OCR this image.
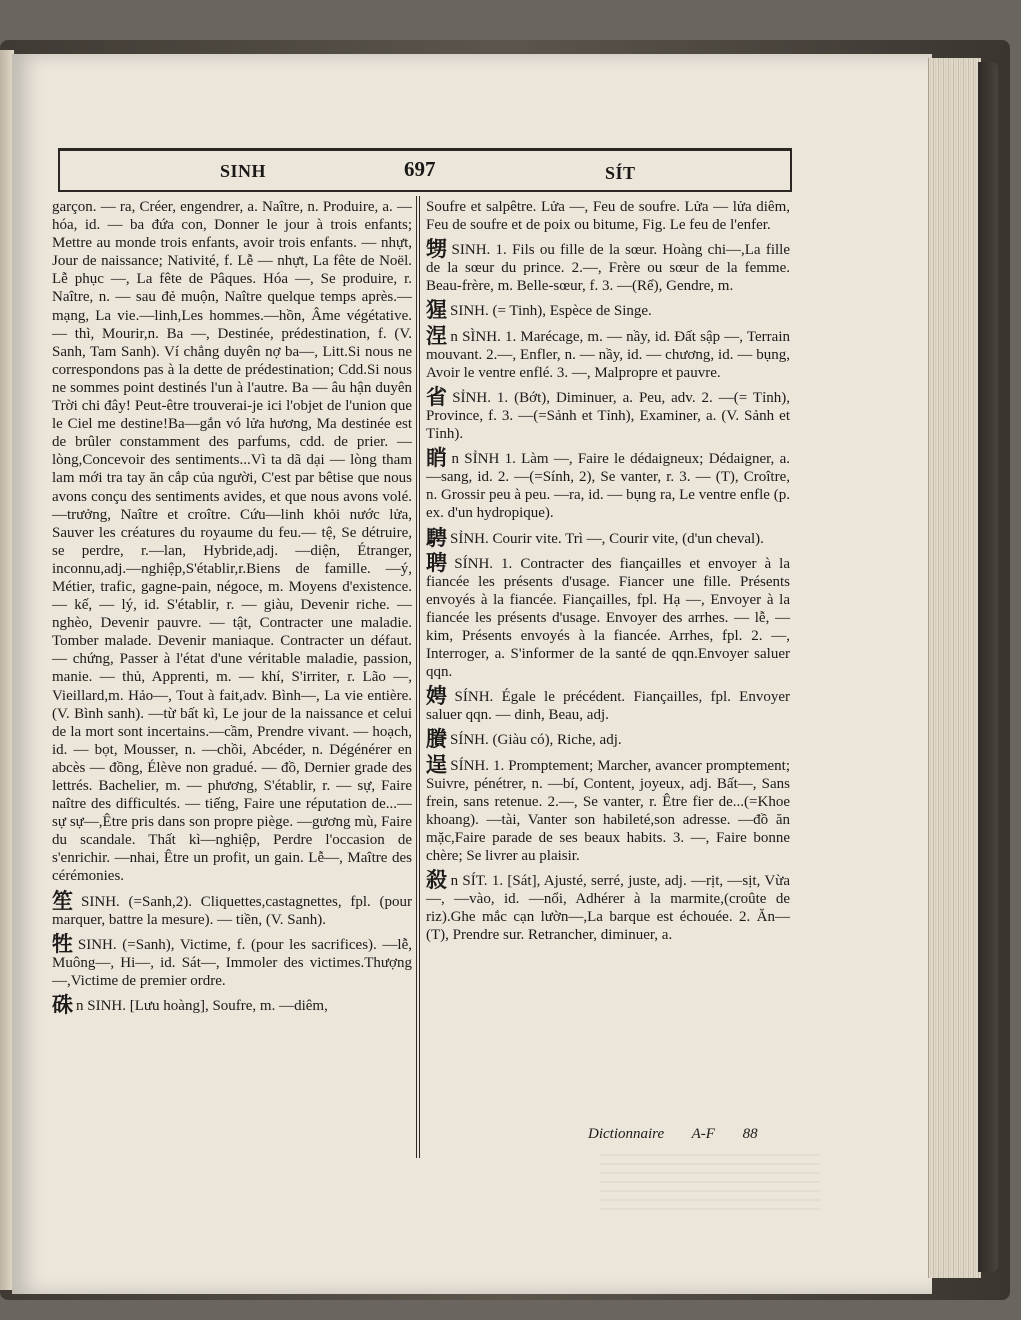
SINH	697	SÍT

garçon. — ra, Créer, engendrer, a. Naître, n. Produire, a. — hóa, id. — ba đứa con, Donner le jour à trois enfants; Mettre au monde trois enfants, avoir trois enfants. — nhựt, Jour de naissance; Nativité, f. Lễ — nhựt, La fête de Noël. Lễ phục —, La fête de Pâques. Hóa —, Se produire, r. Naître, n. — sau đẻ muộn, Naître quelque temps après.— mạng, La vie.—linh,Les hommes.—hồn, Âme végétative. — thì, Mourir,n. Ba —, Destinée, prédestination, f. (V. Sanh, Tam Sanh). Ví chẳng duyên nợ ba—, Litt.Si nous ne correspondons pas à la dette de prédestination; Cdd.Si nous ne sommes point destinés l'un à l'autre. Ba — âu hận duyên Trời chi đây! Peut-être trouverai-je ici l'objet de l'union que le Ciel me destine!Ba—gắn vó lửa hương, Ma destinée est de brûler constamment des parfums, cdd. de prier. —lòng,Concevoir des sentiments...Vì ta dã dại — lòng tham lam mới tra tay ăn cắp của người, C'est par bêtise que nous avons conçu des sentiments avides, et que nous avons volé.—trưởng, Naître et croître. Cứu—linh khỏi nước lửa, Sauver les créatures du royaume du feu.— tệ, Se détruire, se perdre, r.—lan, Hybride,adj. —diện, Étranger, inconnu,adj.—nghiệp,S'établir,r.Biens de famille. —ý, Métier, trafic, gagne-pain, négoce, m. Moyens d'existence. — kế, — lý, id. S'établir, r. — giàu, Devenir riche. — nghèo, Devenir pauvre. — tật, Contracter une maladie. Tomber malade. Devenir maniaque. Contracter un défaut. — chứng, Passer à l'état d'une véritable maladie, passion, manie. — thủ, Apprenti, m. — khí, S'irriter, r. Lão —, Vieillard,m. Hảo—, Tout à fait,adv. Bình—, La vie entière. (V. Bình sanh). —từ bất kì, Le jour de la naissance et celui de la mort sont incertains.—cầm, Prendre vivant. — hoạch, id. — bọt, Mousser, n. —chồi, Abcéder, n. Dégénérer en abcès — đồng, Élève non gradué. — đồ, Dernier grade des lettrés. Bachelier, m. — phương, S'établir, r. — sự, Faire naître des difficultés. — tiếng, Faire une réputation de...—sự sự—,Être pris dans son propre piège. —gương mù, Faire du scandale. Thất kì—nghiệp, Perdre l'occasion de s'enrichir. —nhai, Être un profit, un gain. Lễ—, Maître des cérémonies.

笙 SINH. (=Sanh,2). Cliquettes,castagnettes, fpl. (pour marquer, battre la mesure). — tiền, (V. Sanh).

牲 SINH. (=Sanh), Victime, f. (pour les sacrifices). —lễ, Muông—, Hi—, id. Sát—, Immoler des victimes.Thượng—,Victime de premier ordre.

硃 n SINH. [Lưu hoàng], Soufre, m. —diêm,

Soufre et salpêtre. Lửa —, Feu de soufre. Lửa — lửa diêm, Feu de soufre et de poix ou bitume, Fig. Le feu de l'enfer.

甥 SINH. 1. Fils ou fille de la sœur. Hoàng chi—,La fille de la sœur du prince. 2.—, Frère ou sœur de la femme. Beau-frère, m. Belle-sœur, f. 3. —(Rể), Gendre, m.

猩 SINH. (= Tinh), Espèce de Singe.

涅 n SÌNH. 1. Marécage, m. — nầy, id. Đất sập —, Terrain mouvant. 2.—, Enfler, n. — nầy, id. — chương, id. — bụng, Avoir le ventre enflé. 3. —, Malpropre et pauvre.

省 SỈNH. 1. (Bớt), Diminuer, a. Peu, adv. 2. —(= Tỉnh), Province, f. 3. —(=Sảnh et Tỉnh), Examiner, a. (V. Sảnh et Tỉnh).

睄 n SỈNH 1. Làm —, Faire le dédaigneux; Dédaigner, a. —sang, id. 2. —(=Sính, 2), Se vanter, r. 3. — (T), Croître, n. Grossir peu à peu. —ra, id. — bụng ra, Le ventre enfle (p. ex. d'un hydropique).

騁 SỈNH. Courir vite. Trì —, Courir vite, (d'un cheval).

聘 SÍNH. 1. Contracter des fiançailles et envoyer à la fiancée les présents d'usage. Fiancer une fille. Présents envoyés à la fiancée. Fiançailles, fpl. Hạ —, Envoyer à la fiancée les présents d'usage. Envoyer des arrhes. — lễ, — kim, Présents envoyés à la fiancée. Arrhes, fpl. 2. —, Interroger, a. S'informer de la santé de qqn.Envoyer saluer qqn.

娉 SÍNH. Égale le précédent. Fiançailles, fpl. Envoyer saluer qqn. — dinh, Beau, adj.

賸 SÍNH. (Giàu có), Riche, adj.

逞 SÍNH. 1. Promptement; Marcher, avancer promptement; Suivre, pénétrer, n. —bí, Content, joyeux, adj. Bất—, Sans frein, sans retenue. 2.—, Se vanter, r. Être fier de...(=Khoe khoang). —tài, Vanter son habileté,son adresse. —đồ ăn mặc,Faire parade de ses beaux habits. 3. —, Faire bonne chère; Se livrer au plaisir.

殺 n SÍT. 1. [Sát], Ajusté, serré, juste, adj. —rịt, —sịt, Vừa—, —vào, id. —nổi, Adhérer à la marmite,(croûte de riz).Ghe mắc cạn lườn—,La barque est échouée. 2. Ăn—(T), Prendre sur. Retrancher, diminuer, a.

Dictionnaire A-F 88
